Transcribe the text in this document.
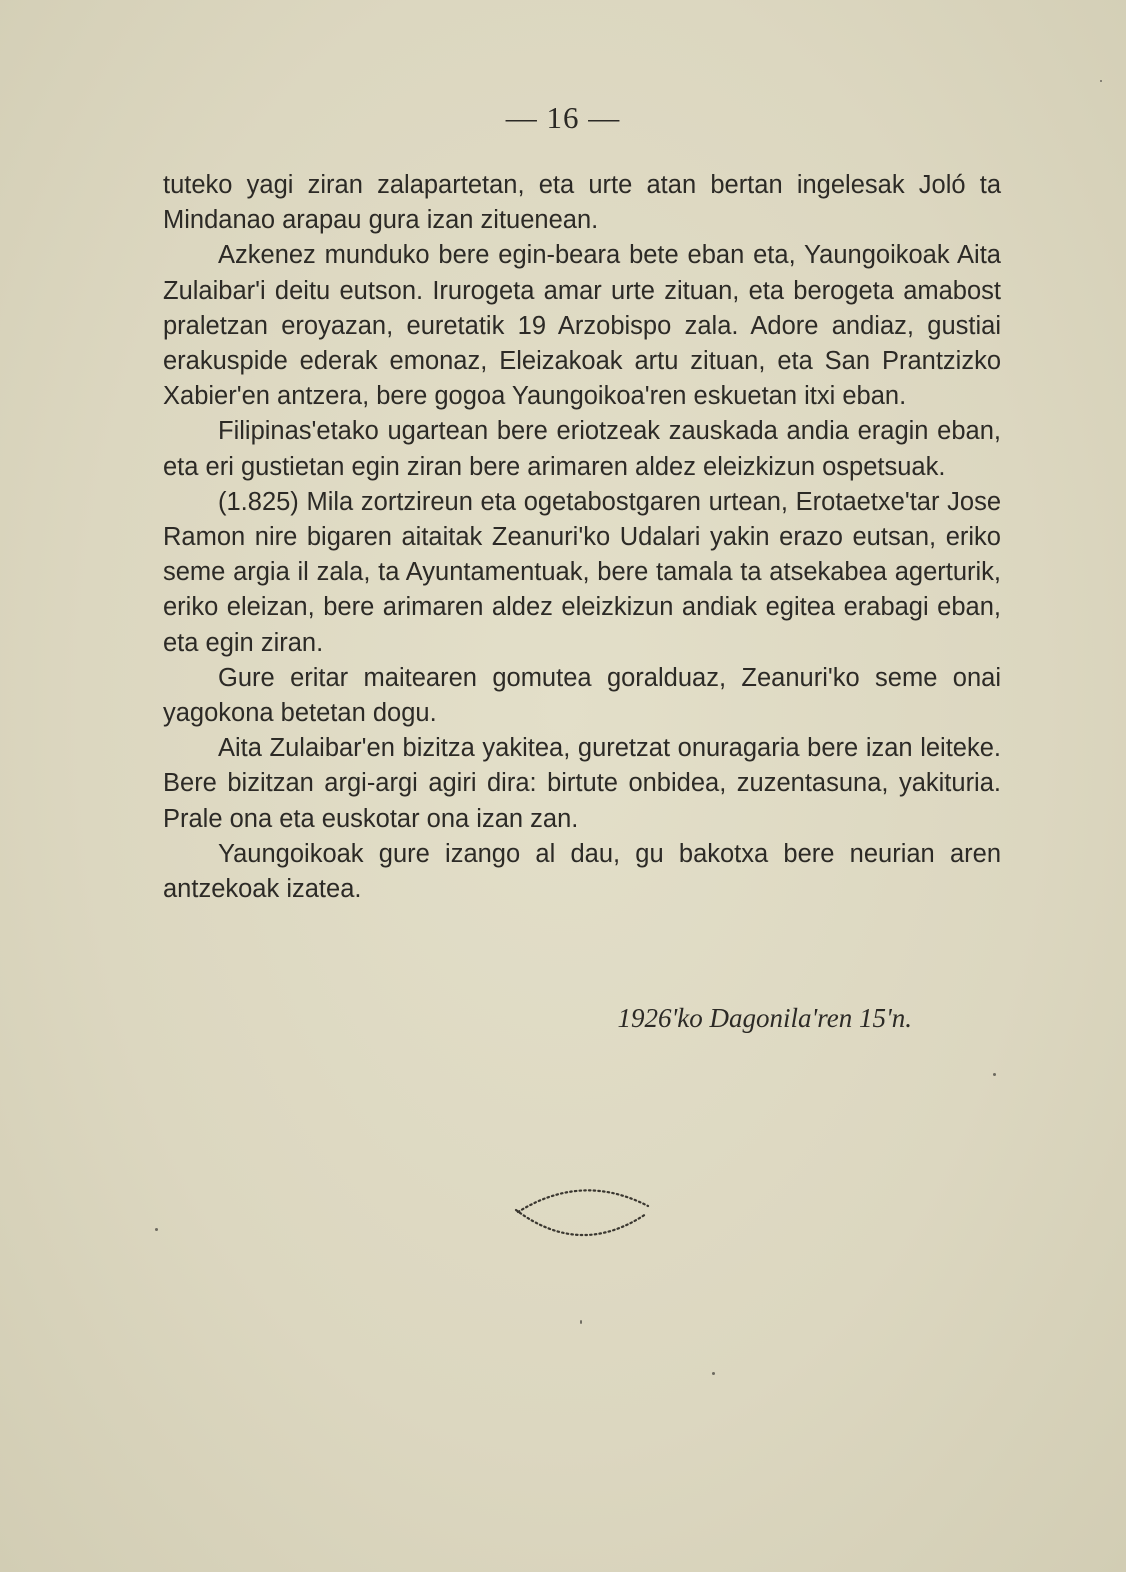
— 16 —

tuteko yagi ziran zalapartetan, eta urte atan bertan ingelesak Joló ta Mindanao arapau gura izan zituenean.

Azkenez munduko bere egin-beara bete eban eta, Yaungoikoak Aita Zulaibar'i deitu eutson. Irurogeta amar urte zituan, eta berogeta amabost praletzan eroyazan, euretatik 19 Arzobispo zala. Adore andiaz, gustiai erakuspide ederak emonaz, Eleizakoak artu zituan, eta San Prantzizko Xabier'en antzera, bere gogoa Yaungoikoa'ren eskuetan itxi eban.

Filipinas'etako ugartean bere eriotzeak zauskada andia eragin eban, eta eri gustietan egin ziran bere arimaren aldez eleizkizun ospetsuak.

(1.825) Mila zortzireun eta ogetabostgaren urtean, Erotaetxe'tar Jose Ramon nire bigaren aitaitak Zeanuri'ko Udalari yakin erazo eutsan, eriko seme argia il zala, ta Ayuntamentuak, bere tamala ta atsekabea agerturik, eriko eleizan, bere arimaren aldez eleizkizun andiak egitea erabagi eban, eta egin ziran.

Gure eritar maitearen gomutea goralduaz, Zeanuri'ko seme onai yagokona betetan dogu.

Aita Zulaibar'en bizitza yakitea, guretzat onuragaria bere izan leiteke. Bere bizitzan argi-argi agiri dira: birtute onbidea, zuzentasuna, yakituria. Prale ona eta euskotar ona izan zan.

Yaungoikoak gure izango al dau, gu bakotxa bere neurian aren antzekoak izatea.

1926'ko Dagonila'ren 15'n.
